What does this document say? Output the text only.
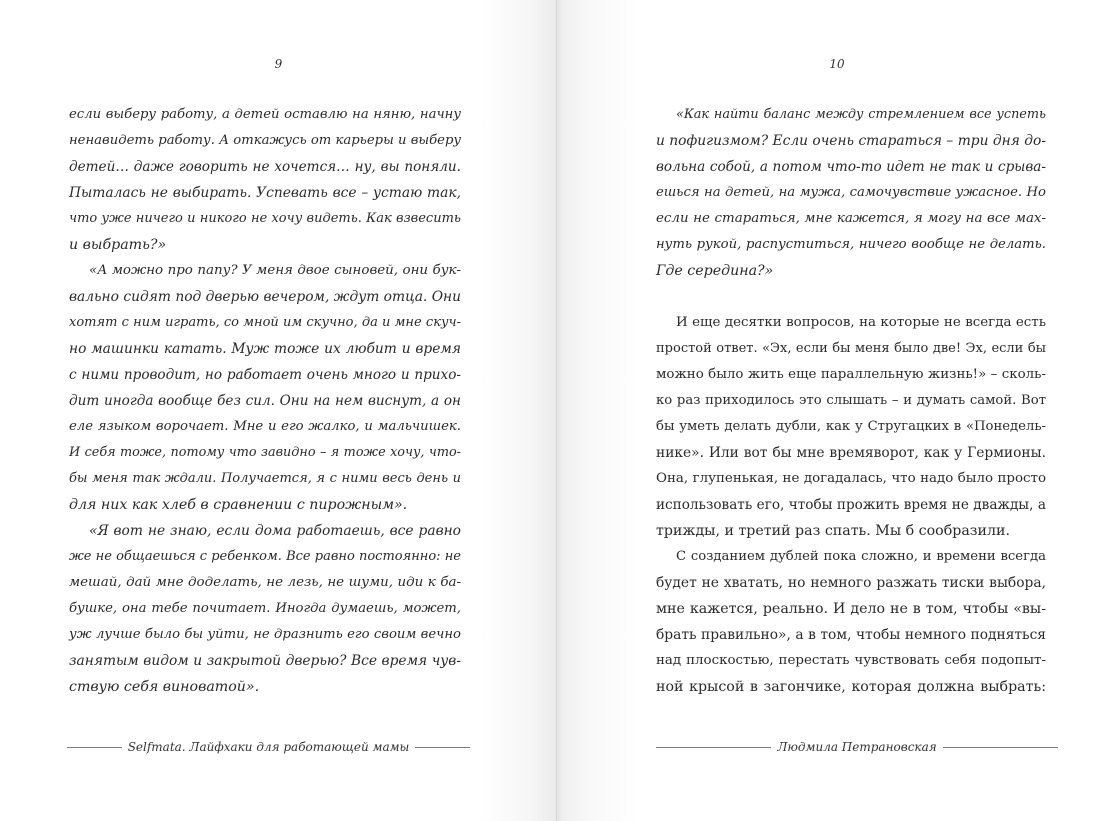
9

если выберу работу, а детей оставлю на няню, начну
ненавидеть работу. А откажусь от карьеры и выберу
детей… даже говорить не хочется… ну, вы поняли.
Пыталась не выбирать. Успевать все – устаю так,
что уже ничего и никого не хочу видеть. Как взвесить
и выбрать?»

«А можно про папу? У меня двое сыновей, они бук-
вально сидят под дверью вечером, ждут отца. Они
хотят с ним играть, со мной им скучно, да и мне скуч-
но машинки катать. Муж тоже их любит и время
с ними проводит, но работает очень много и прихо-
дит иногда вообще без сил. Они на нем виснут, а он
еле языком ворочает. Мне и его жалко, и мальчишек.
И себя тоже, потому что завидно – я тоже хочу, что-
бы меня так ждали. Получается, я с ними весь день и
для них как хлеб в сравнении с пирожным».

«Я вот не знаю, если дома работаешь, все равно
же не общаешься с ребенком. Все равно постоянно: не
мешай, дай мне доделать, не лезь, не шуми, иди к ба-
бушке, она тебе почитает. Иногда думаешь, может,
уж лучше было бы уйти, не дразнить его своим вечно
занятым видом и закрытой дверью? Все время чув-
ствую себя виноватой».

Selfmata. Лайфхаки для работающей мамы
10

«Как найти баланс между стремлением все успеть
и пофигизмом? Если очень стараться – три дня до-
вольна собой, а потом что-то идет не так и срыва-
ешься на детей, на мужа, самочувствие ужасное. Но
если не стараться, мне кажется, я могу на все мах-
нуть рукой, распуститься, ничего вообще не делать.
Где середина?»

И еще десятки вопросов, на которые не всегда есть
простой ответ. «Эх, если бы меня было две! Эх, если бы
можно было жить еще параллельную жизнь!» – сколь-
ко раз приходилось это слышать – и думать самой. Вот
бы уметь делать дубли, как у Стругацких в «Понедель-
нике». Или вот бы мне времяворот, как у Гермионы.
Она, глупенькая, не догадалась, что надо было просто
использовать его, чтобы прожить время не дважды, а
трижды, и третий раз спать. Мы б сообразили.

С созданием дублей пока сложно, и времени всегда
будет не хватать, но немного разжать тиски выбора,
мне кажется, реально. И дело не в том, чтобы «вы-
брать правильно», а в том, чтобы немного подняться
над плоскостью, перестать чувствовать себя подопыт-
ной крысой в загончике, которая должна выбрать:

Людмила Петрановская
